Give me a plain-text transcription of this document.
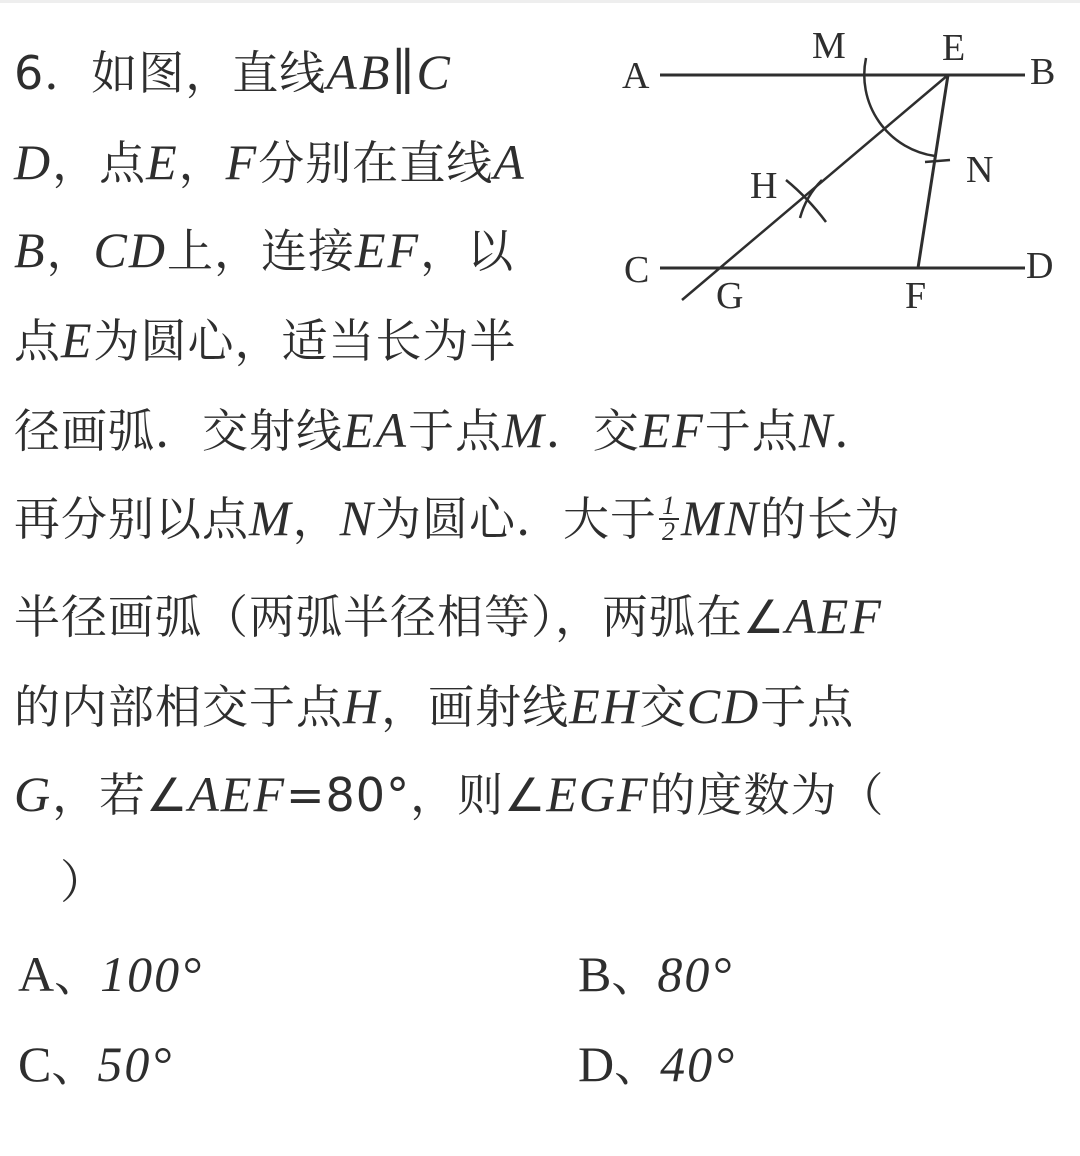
6．如图，直线AB∥C
D，点E，F分别在直线A
B，CD上，连接EF，以
点E为圆心，适当长为半
径画弧．交射线EA于点M．交EF于点N．
再分别以点M，N为圆心．大于 $\frac{1}{2}$ MN的长为
半径画弧（两弧半径相等），两弧在∠AEF
的内部相交于点H，画射线EH交CD于点
G，若∠AEF=80°，则∠EGF的度数为（
）
A、100°	B、80°
C、50°	D、40°
A	B
C	D
E
F
G
H
M
N
